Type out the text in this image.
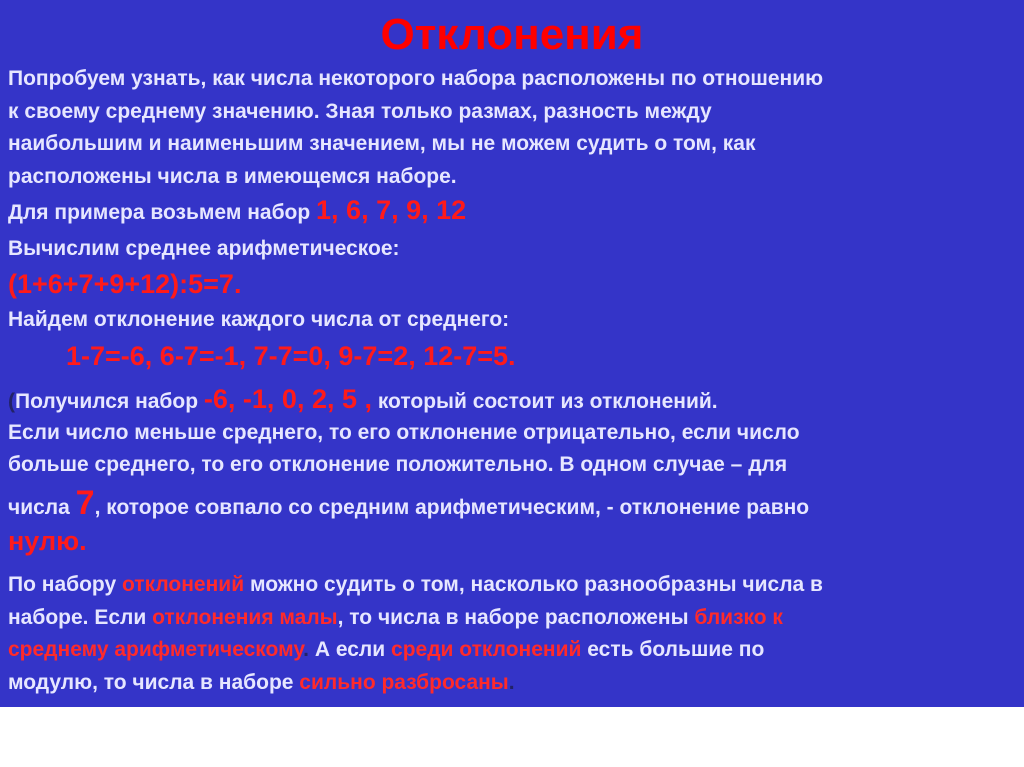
Отклонения
Попробуем узнать, как числа некоторого набора расположены по отношению
к своему среднему значению. Зная только размах, разность между
наибольшим и наименьшим значением, мы не можем судить о том, как
расположены числа в имеющемся наборе.
Для примера возьмем набор 1, 6, 7, 9, 12
Вычислим среднее арифметическое:
(1+6+7+9+12):5=7.
Найдем отклонение каждого числа от среднего:
1-7=-6, 6-7=-1, 7-7=0, 9-7=2, 12-7=5.
(Получился набор -6, -1, 0, 2, 5 , который состоит из отклонений.
Если число меньше среднего, то его отклонение отрицательно, если число
больше среднего, то его отклонение положительно. В одном случае – для
числа 7, которое совпало со средним арифметическим, - отклонение равно
нулю.
По набору отклонений можно судить о том, насколько разнообразны числа в
наборе. Если отклонения малы, то числа в наборе расположены близко к
среднему арифметическому. А если среди отклонений есть большие по
модулю, то числа в наборе сильно разбросаны.
